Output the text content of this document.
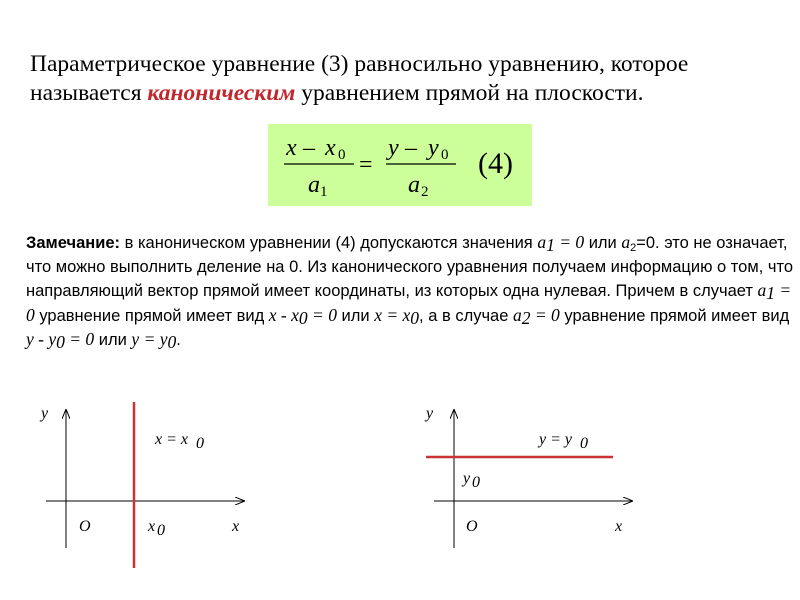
Параметрическое уравнение (3) равносильно уравнению, которое
называется каноническим уравнением прямой на плоскости.
x – x 0
a 1
=
y – y 0
a 2
(4)
Замечание: в каноническом уравнении (4) допускаются значения $a_1 = 0$ или $a_2=0$. это не означает, что можно выполнить деление на 0. Из канонического уравнения получаем информацию о том, что направляющий вектор прямой имеет координаты, из которых одна нулевая. Причем в случает $a_1 = 0$ уравнение прямой имеет вид $x - x_0 = 0$ или $x = x_0$, а в случае $a_2 = 0$ уравнение прямой имеет вид $y - y_0 = 0$ или $y = y_0$.
y
x
O
x = x 0
x 0
y
x
O
y = y 0
y 0
